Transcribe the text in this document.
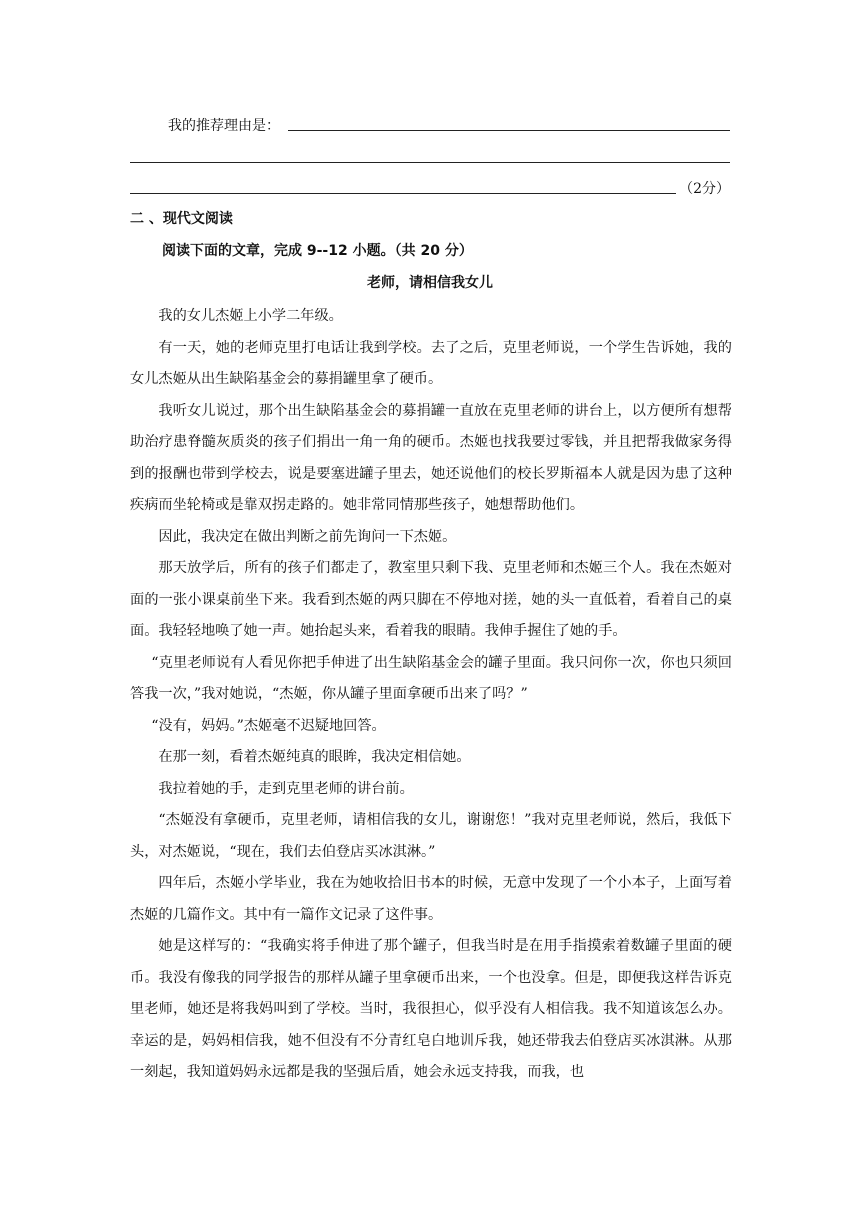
我的推荐理由是：
（2分）
二 、现代文阅读
阅读下面的文章，完成 9--12 小题。（共 20 分）
老师，请相信我女儿

我的女儿杰姬上小学二年级。

有一天，她的老师克里打电话让我到学校。去了之后，克里老师说，一个学生告诉她，我的女儿杰姬从出生缺陷基金会的募捐罐里拿了硬币。

我听女儿说过，那个出生缺陷基金会的募捐罐一直放在克里老师的讲台上，以方便所有想帮助治疗患脊髓灰质炎的孩子们捐出一角一角的硬币。杰姬也找我要过零钱，并且把帮我做家务得到的报酬也带到学校去，说是要塞进罐子里去，她还说他们的校长罗斯福本人就是因为患了这种疾病而坐轮椅或是靠双拐走路的。她非常同情那些孩子，她想帮助他们。

因此，我决定在做出判断之前先询问一下杰姬。

那天放学后，所有的孩子们都走了，教室里只剩下我、克里老师和杰姬三个人。我在杰姬对面的一张小课桌前坐下来。我看到杰姬的两只脚在不停地对搓，她的头一直低着，看着自己的桌面。我轻轻地唤了她一声。她抬起头来，看着我的眼睛。我伸手握住了她的手。

“克里老师说有人看见你把手伸进了出生缺陷基金会的罐子里面。我只问你一次，你也只须回答我一次，”我对她说，“杰姬，你从罐子里面拿硬币出来了吗？”

“没有，妈妈。”杰姬毫不迟疑地回答。

在那一刻，看着杰姬纯真的眼眸，我决定相信她。

我拉着她的手，走到克里老师的讲台前。

“杰姬没有拿硬币，克里老师，请相信我的女儿，谢谢您！”我对克里老师说，然后，我低下头，对杰姬说，“现在，我们去伯登店买冰淇淋。”

四年后，杰姬小学毕业，我在为她收拾旧书本的时候，无意中发现了一个小本子，上面写着杰姬的几篇作文。其中有一篇作文记录了这件事。

她是这样写的：“我确实将手伸进了那个罐子，但我当时是在用手指摸索着数罐子里面的硬币。我没有像我的同学报告的那样从罐子里拿硬币出来，一个也没拿。但是，即便我这样告诉克里老师，她还是将我妈叫到了学校。当时，我很担心，似乎没有人相信我。我不知道该怎么办。幸运的是，妈妈相信我，她不但没有不分青红皂白地训斥我，她还带我去伯登店买冰淇淋。从那一刻起，我知道妈妈永远都是我的坚强后盾，她会永远支持我，而我，也
